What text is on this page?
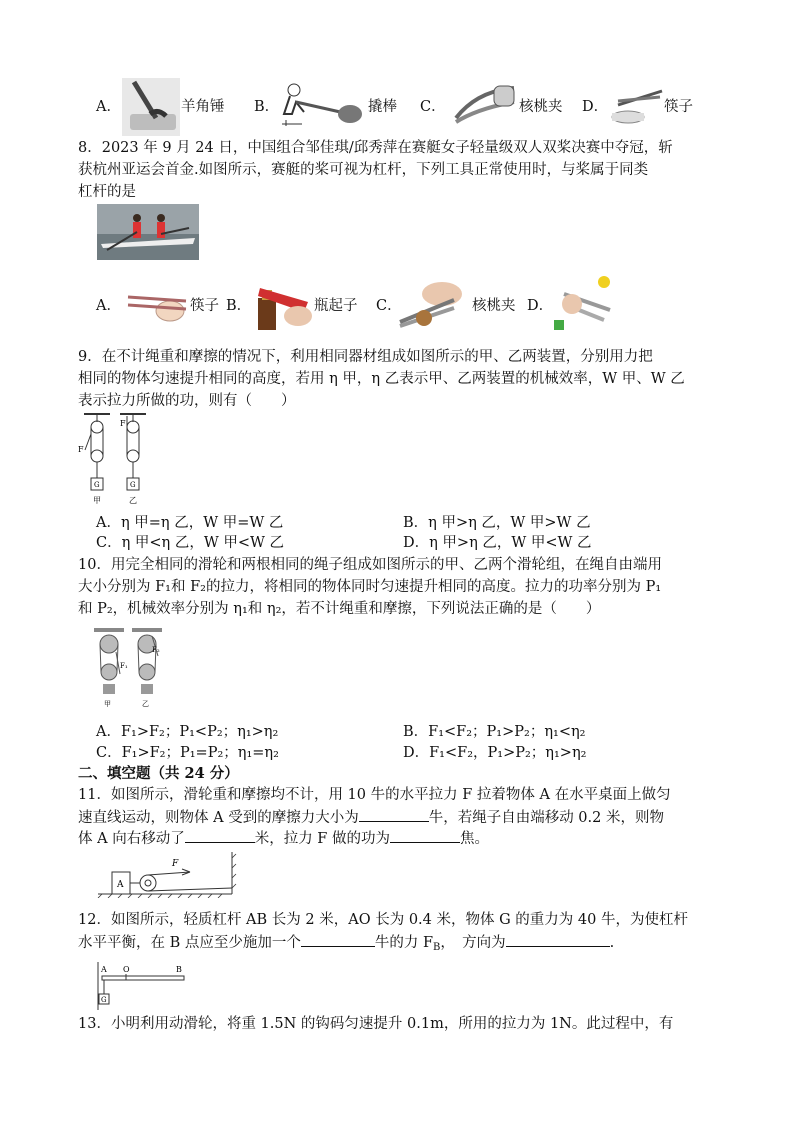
A．	羊角锤 B．	撬棒 C．	核桃夹 D．	筷子
8．2023 年 9 月 24 日，中国组合邹佳琪/邱秀萍在赛艇女子轻量级双人双桨决赛中夺冠，斩
获杭州亚运会首金.如图所示，赛艇的桨可视为杠杆，下列工具正常使用时，与桨属于同类
杠杆的是
A．	筷子 B．	瓶起子 C．	核桃夹 D．
9．在不计绳重和摩擦的情况下，利用相同器材组成如图所示的甲、乙两装置，分别用力把
相同的物体匀速提升相同的高度，若用 η 甲，η 乙表示甲、乙两装置的机械效率，W 甲、W 乙
表示拉力所做的功，则有（　　）
F
G
甲
F
G
乙
A．η 甲=η 乙，W 甲=W 乙	B．η 甲>η 乙，W 甲>W 乙
C．η 甲<η 乙，W 甲<W 乙	D．η 甲>η 乙，W 甲<W 乙
10．用完全相同的滑轮和两根相同的绳子组成如图所示的甲、乙两个滑轮组，在绳自由端用
大小分别为 F₁和 F₂的拉力，将相同的物体同时匀速提升相同的高度。拉力的功率分别为 P₁
和 P₂，机械效率分别为 η₁和 η₂，若不计绳重和摩擦，下列说法正确的是（　　）
F₁
甲
F₂
乙
A．F₁>F₂；P₁<P₂；η₁>η₂	B．F₁<F₂；P₁>P₂；η₁<η₂
C．F₁>F₂；P₁=P₂；η₁=η₂	D．F₁<F₂，P₁>P₂；η₁>η₂
二、填空题（共 24 分）
11．如图所示，滑轮重和摩擦均不计，用 10 牛的水平拉力 F 拉着物体 A 在水平桌面上做匀
速直线运动，则物体 A 受到的摩擦力大小为	牛，若绳子自由端移动 0.2 米，则物
体 A 向右移动了	米，拉力 F 做的功为	焦。
A
F
12．如图所示，轻质杠杆 AB 长为 2 米，AO 长为 0.4 米，物体 G 的重力为 40 牛，为使杠杆
水平平衡，在 B 点应至少施加一个	牛的力 $F_B$，　方向为	.
A O	B
G
13．小明利用动滑轮，将重 1.5N 的钩码匀速提升 0.1m，所用的拉力为 1N。此过程中，有
